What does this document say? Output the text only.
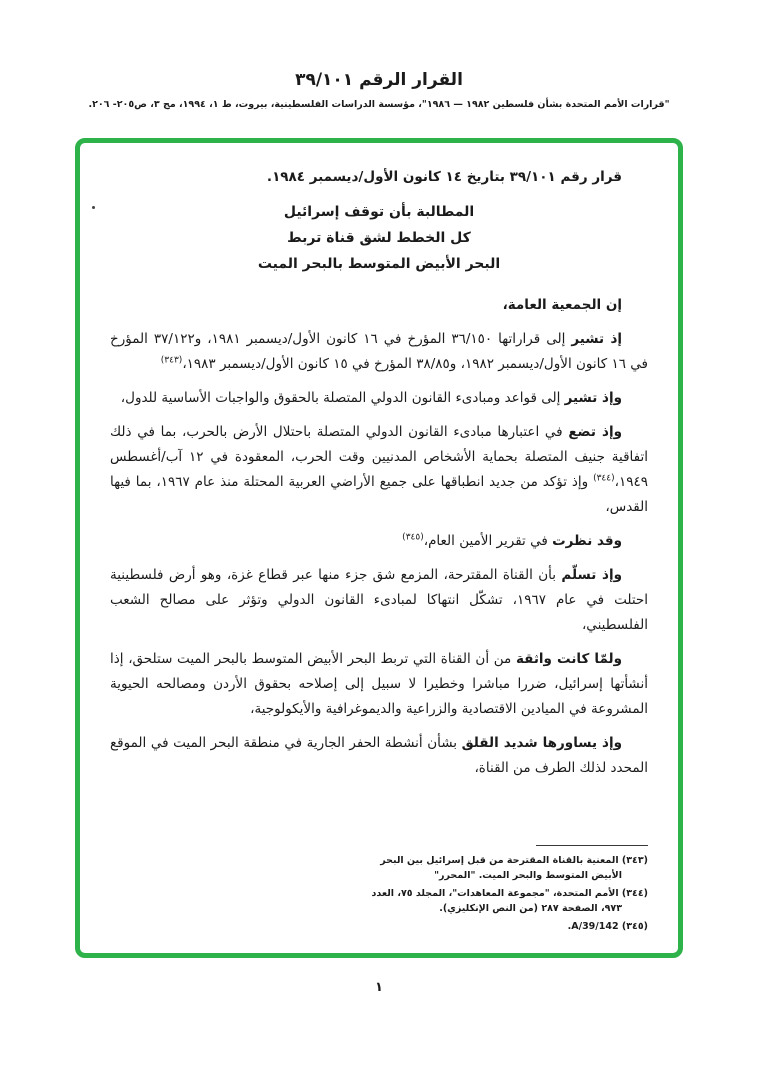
القرار الرقم ٣٩/١٠١
"قرارات الأمم المتحدة بشأن فلسطين ١٩٨٢ — ١٩٨٦"، مؤسسة الدراسات الفلسطينية، بيروت، ط ١، ١٩٩٤، مج ٣، ص٢٠٥- ٢٠٦.
قرار رقم ٣٩/١٠١ بتاريخ ١٤ كانون الأول/ديسمبر ١٩٨٤.
المطالبة بأن توقف إسرائيل
كل الخطط لشق قناة تربط
البحر الأبيض المتوسط بالبحر الميت

إن الجمعية العامة،

إذ تشير إلى قراراتها ٣٦/١٥٠ المؤرخ في ١٦ كانون الأول/ديسمبر ١٩٨١، و٣٧/١٢٢ المؤرخ في ١٦ كانون الأول/ديسمبر ١٩٨٢، و٣٨/٨٥ المؤرخ في ١٥ كانون الأول/ديسمبر ١٩٨٣،$^{(٣٤٣)}$

وإذ تشير إلى قواعد ومبادىء القانون الدولي المتصلة بالحقوق والواجبات الأساسية للدول،

وإذ تضع في اعتبارها مبادىء القانون الدولي المتصلة باحتلال الأرض بالحرب، بما في ذلك اتفاقية جنيف المتصلة بحماية الأشخاص المدنيين وقت الحرب، المعقودة في ١٢ آب/أغسطس ١٩٤٩،$^{(٣٤٤)}$ وإذ تؤكد من جديد انطباقها على جميع الأراضي العربية المحتلة منذ عام ١٩٦٧، بما فيها القدس،

وقد نظرت في تقرير الأمين العام،$^{(٣٤٥)}$

وإذ تسلّم بأن القناة المقترحة، المزمع شق جزء منها عبر قطاع غزة، وهو أرض فلسطينية احتلت في عام ١٩٦٧، تشكّل انتهاكا لمبادىء القانون الدولي وتؤثر على مصالح الشعب الفلسطيني،

ولمّا كانت واثقة من أن القناة التي تربط البحر الأبيض المتوسط بالبحر الميت ستلحق، إذا أنشأتها إسرائيل، ضررا مباشرا وخطيرا لا سبيل إلى إصلاحه بحقوق الأردن ومصالحه الحيوية المشروعة في الميادين الاقتصادية والزراعية والديموغرافية والأيكولوجية،

وإذ يساورها شديد القلق بشأن أنشطة الحفر الجارية في منطقة البحر الميت في الموقع المحدد لذلك الطرف من القناة،

(٣٤٣) المعنية بالقناة المقترحة من قبل إسرائيل بين البحر الأبيض المتوسط والبحر الميت. "المحرر"
(٣٤٤) الأمم المتحدة، "مجموعة المعاهدات"، المجلد ٧٥، العدد ٩٧٣، الصفحة ٢٨٧ (من النص الإنكليزي).
(٣٤٥) A/39/142.
١
